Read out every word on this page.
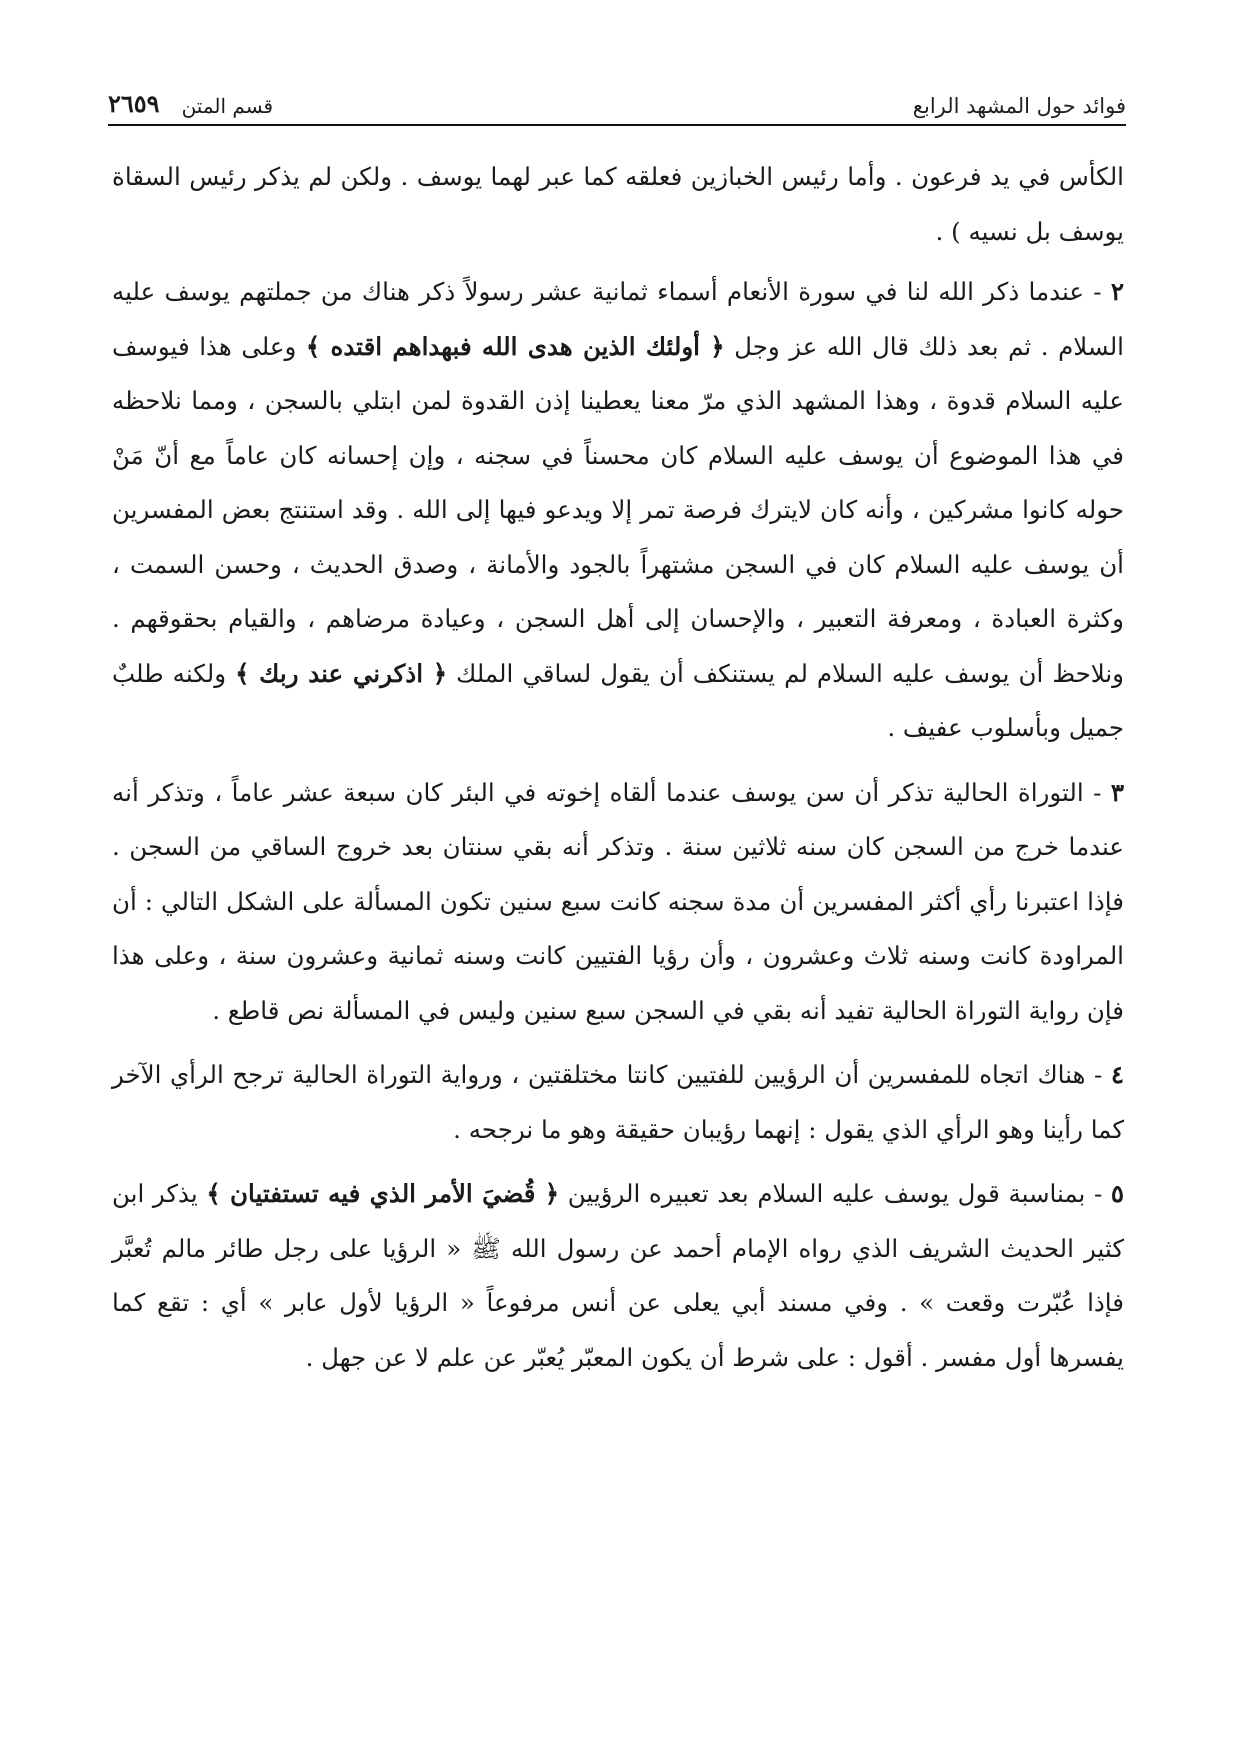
فوائد حول المشهد الرابع
قسم المتن
٢٦٥٩

الكأس في يد فرعون . وأما رئيس الخبازين فعلقه كما عبر لهما يوسف . ولكن لم يذكر رئيس السقاة يوسف بل نسيه ) .

٢ - عندما ذكر الله لنا في سورة الأنعام أسماء ثمانية عشر رسولاً ذكر هناك من جملتهم يوسف عليه السلام . ثم بعد ذلك قال الله عز وجل ﴿ أولئك الذين هدى الله فبهداهم اقتده ﴾ وعلى هذا فيوسف عليه السلام قدوة ، وهذا المشهد الذي مرّ معنا يعطينا إذن القدوة لمن ابتلي بالسجن ، ومما نلاحظه في هذا الموضوع أن يوسف عليه السلام كان محسناً في سجنه ، وإن إحسانه كان عاماً مع أنّ مَنْ حوله كانوا مشركين ، وأنه كان لايترك فرصة تمر إلا ويدعو فيها إلى الله . وقد استنتج بعض المفسرين أن يوسف عليه السلام كان في السجن مشتهراً بالجود والأمانة ، وصدق الحديث ، وحسن السمت ، وكثرة العبادة ، ومعرفة التعبير ، والإحسان إلى أهل السجن ، وعيادة مرضاهم ، والقيام بحقوقهم . ونلاحظ أن يوسف عليه السلام لم يستنكف أن يقول لساقي الملك ﴿ اذكرني عند ربك ﴾ ولكنه طلبٌ جميل وبأسلوب عفيف .

٣ - التوراة الحالية تذكر أن سن يوسف عندما ألقاه إخوته في البئر كان سبعة عشر عاماً ، وتذكر أنه عندما خرج من السجن كان سنه ثلاثين سنة . وتذكر أنه بقي سنتان بعد خروج الساقي من السجن . فإذا اعتبرنا رأي أكثر المفسرين أن مدة سجنه كانت سبع سنين تكون المسألة على الشكل التالي : أن المراودة كانت وسنه ثلاث وعشرون ، وأن رؤيا الفتيين كانت وسنه ثمانية وعشرون سنة ، وعلى هذا فإن رواية التوراة الحالية تفيد أنه بقي في السجن سبع سنين وليس في المسألة نص قاطع .

٤ - هناك اتجاه للمفسرين أن الرؤيين للفتيين كانتا مختلقتين ، ورواية التوراة الحالية ترجح الرأي الآخر كما رأينا وهو الرأي الذي يقول : إنهما رؤيبان حقيقة وهو ما نرجحه .

٥ - بمناسبة قول يوسف عليه السلام بعد تعبيره الرؤيين ﴿ قُضيَ الأمر الذي فيه تستفتيان ﴾ يذكر ابن كثير الحديث الشريف الذي رواه الإمام أحمد عن رسول الله ﷺ « الرؤيا على رجل طائر مالم تُعبَّر فإذا عُبّرت وقعت » . وفي مسند أبي يعلى عن أنس مرفوعاً « الرؤيا لأول عابر » أي : تقع كما يفسرها أول مفسر . أقول : على شرط أن يكون المعبّر يُعبّر عن علم لا عن جهل .
